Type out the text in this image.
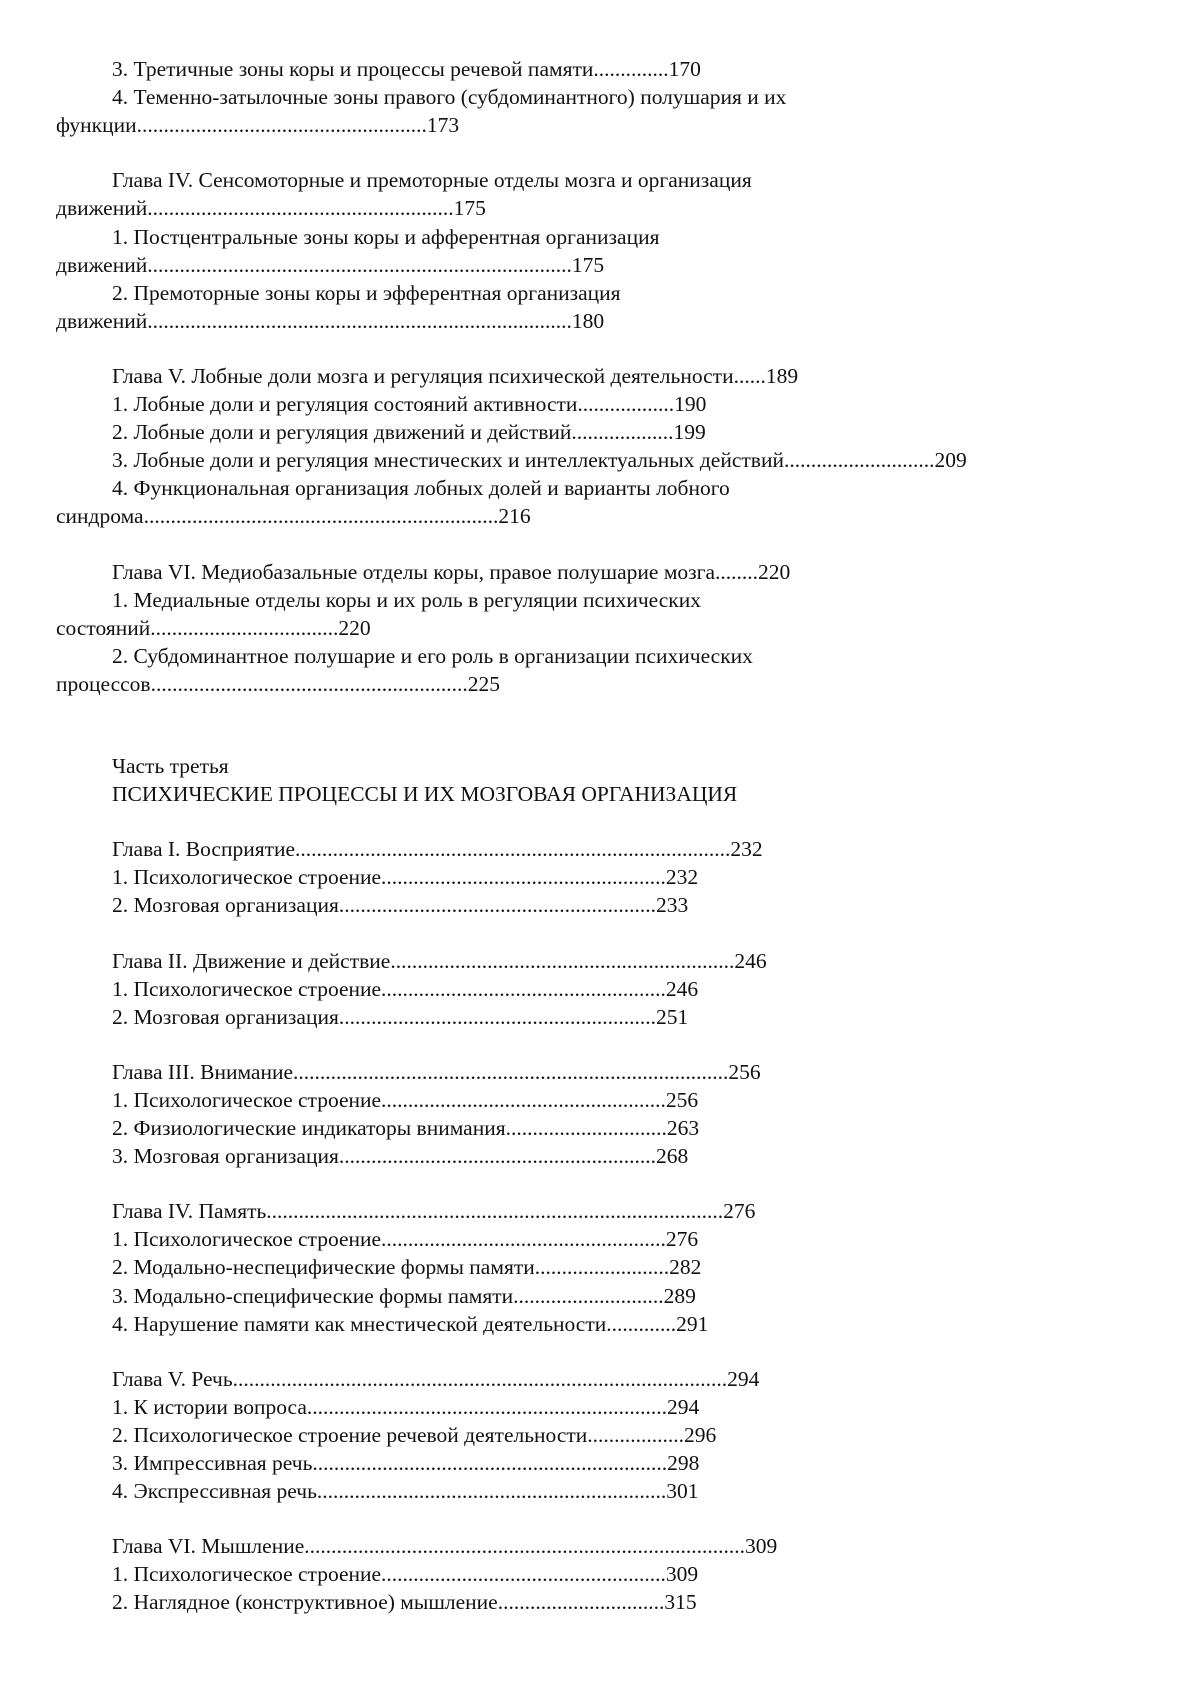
3. Третичные зоны коры и процессы речевой памяти..............170
4. Теменно-затылочные зоны правого (субдоминантного) полушария и их
функции......................................................173
Глава IV. Сенсомоторные и премоторные отделы мозга и организация
движений.........................................................175
1. Постцентральные зоны коры и афферентная организация
движений...............................................................................175
2. Премоторные зоны коры и эфферентная организация
движений...............................................................................180
Глава V. Лобные доли мозга и регуляция психической деятельности......189
1. Лобные доли и регуляция состояний активности..................190
2. Лобные доли и регуляция движений и действий...................199
3. Лобные доли и регуляция мнестических и интеллектуальных действий............................209
4. Функциональная организация лобных долей и варианты лобного
синдрома..................................................................216
Глава VI. Медиобазальные отделы коры, правое полушарие мозга........220
1. Медиальные отделы коры и их роль в регуляции психических
состояний...................................220
2. Субдоминантное полушарие и его роль в организации психических
процессов...........................................................225
Часть третья
ПСИХИЧЕСКИЕ ПРОЦЕССЫ И ИХ МОЗГОВАЯ ОРГАНИЗАЦИЯ
Глава I. Восприятие.................................................................................232
1. Психологическое строение.....................................................232
2. Мозговая организация...........................................................233
Глава II. Движение и действие................................................................246
1. Психологическое строение.....................................................246
2. Мозговая организация...........................................................251
Глава III. Внимание.................................................................................256
1. Психологическое строение.....................................................256
2. Физиологические индикаторы внимания..............................263
3. Мозговая организация...........................................................268
Глава IV. Память.....................................................................................276
1. Психологическое строение.....................................................276
2. Модально-неспецифические формы памяти.........................282
3. Модально-специфические формы памяти............................289
4. Нарушение памяти как мнестической деятельности.............291
Глава V. Речь............................................................................................294
1. К истории вопроса...................................................................294
2. Психологическое строение речевой деятельности..................296
3. Импрессивная речь..................................................................298
4. Экспрессивная речь.................................................................301
Глава VI. Мышление..................................................................................309
1. Психологическое строение.....................................................309
2. Наглядное (конструктивное) мышление...............................315
